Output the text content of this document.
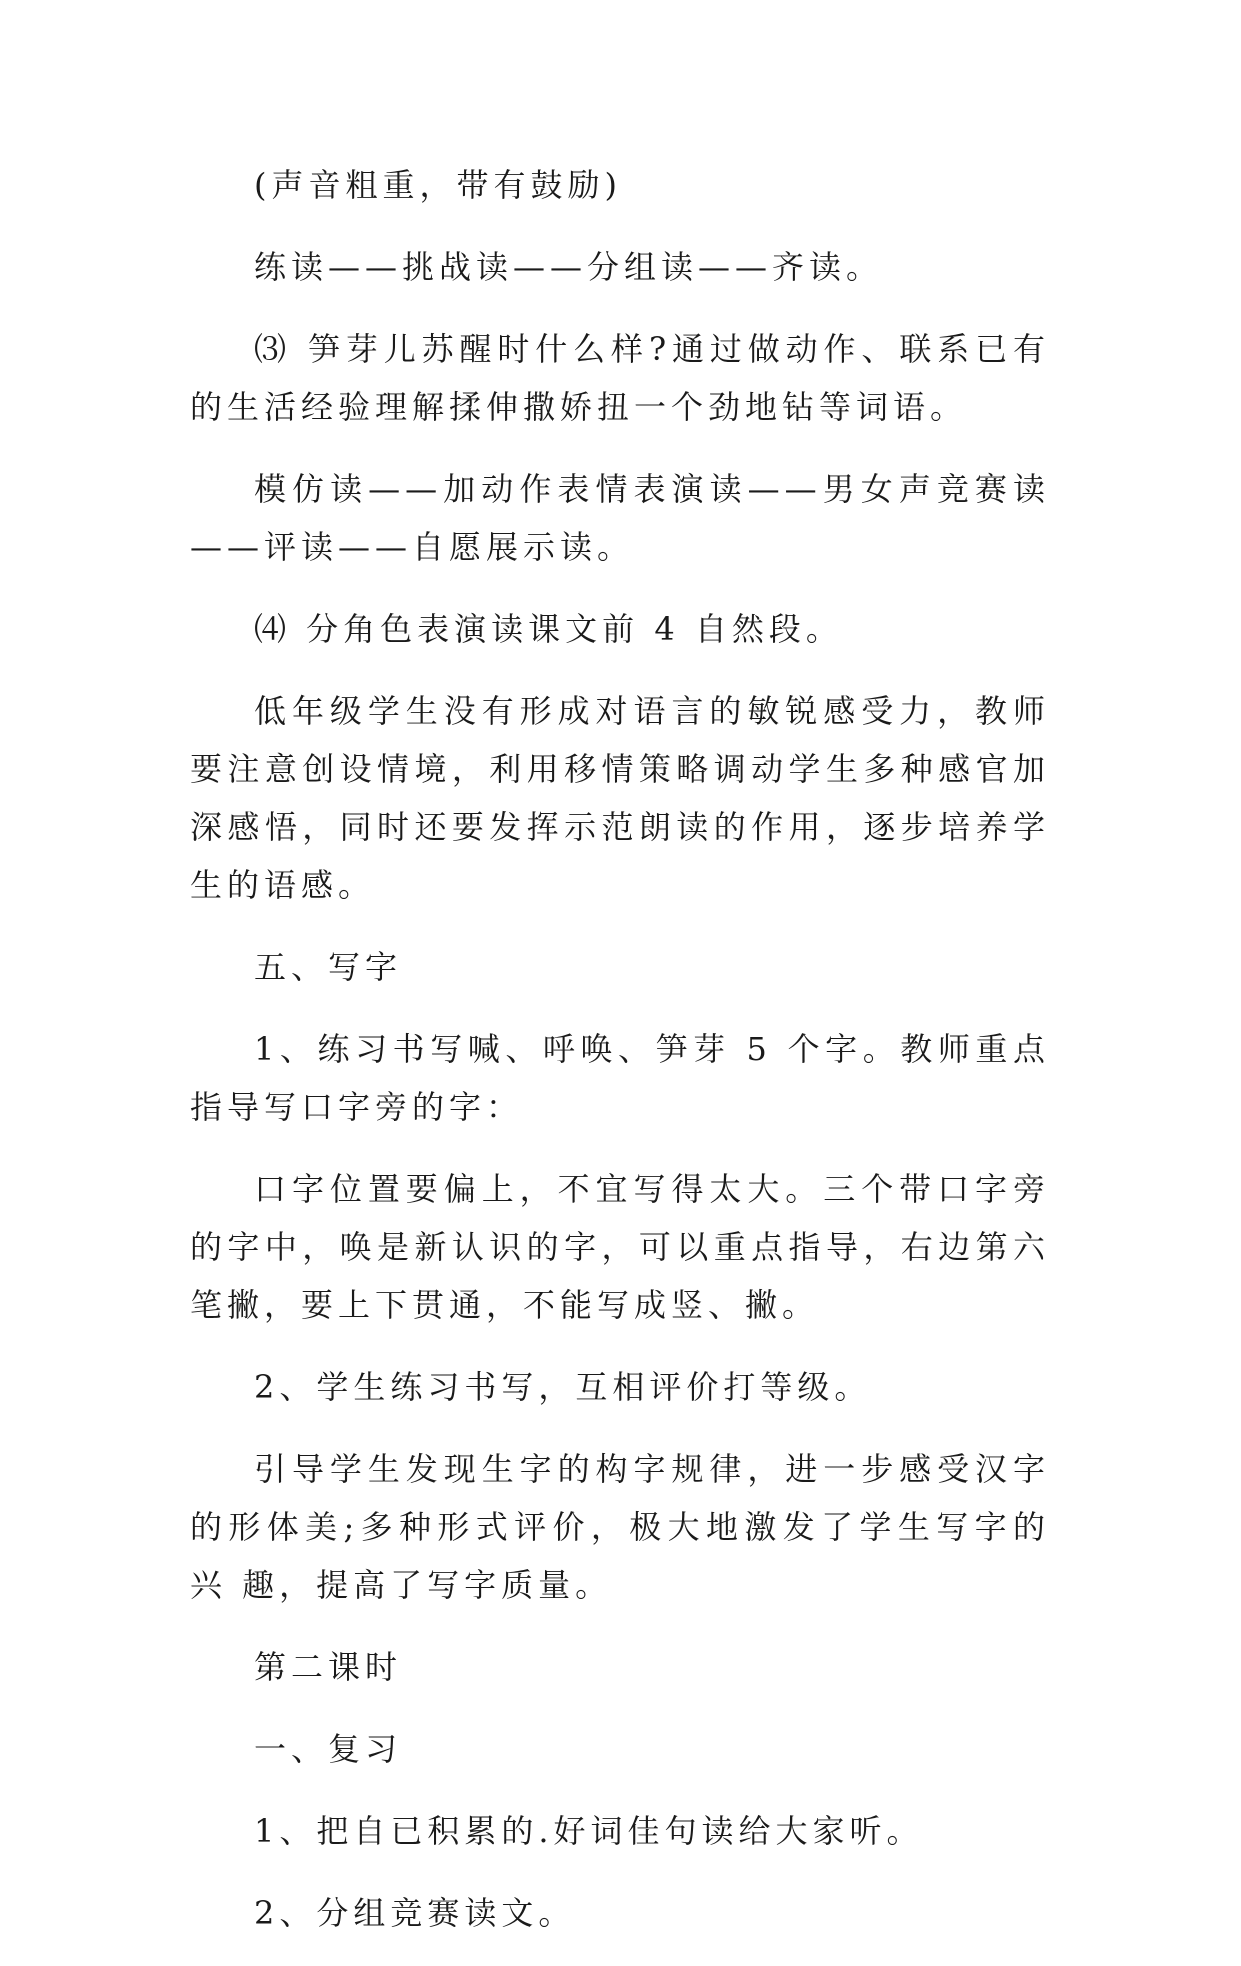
(声音粗重，带有鼓励)

练读——挑战读——分组读——齐读。

⑶ 笋芽儿苏醒时什么样?通过做动作、联系已有的生活经验理解揉伸撒娇扭一个劲地钻等词语。

模仿读——加动作表情表演读——男女声竞赛读——评读——自愿展示读。

⑷ 分角色表演读课文前 4 自然段。

低年级学生没有形成对语言的敏锐感受力，教师要注意创设情境，利用移情策略调动学生多种感官加深感悟，同时还要发挥示范朗读的作用，逐步培养学生的语感。

五、写字

1、练习书写喊、呼唤、笋芽 5 个字。教师重点指导写口字旁的字：

口字位置要偏上，不宜写得太大。三个带口字旁的字中，唤是新认识的字，可以重点指导，右边第六笔撇，要上下贯通，不能写成竖、撇。

2、学生练习书写，互相评价打等级。

引导学生发现生字的构字规律，进一步感受汉字的形体美;多种形式评价，极大地激发了学生写字的兴 趣，提高了写字质量。

第二课时

一、复习

1、把自已积累的.好词佳句读给大家听。

2、分组竞赛读文。
